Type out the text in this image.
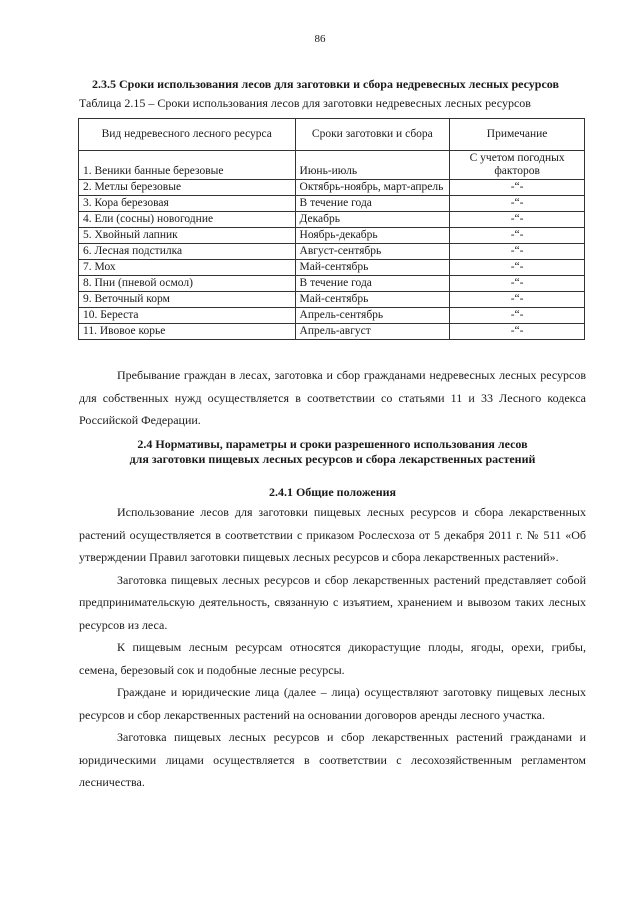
86
2.3.5 Сроки использования лесов для заготовки и сбора недревесных лесных ресурсов
Таблица 2.15 – Сроки использования лесов для заготовки недревесных лесных ресурсов
Вид недревесного лесного ресурса	Сроки заготовки и сбора	Примечание
1. Веники банные березовые	Июнь-июль	С учетом погодных факторов
2. Метлы березовые	Октябрь-ноябрь, март-апрель	-“-
3. Кора березовая	В течение года	-“-
4. Ели (сосны) новогодние	Декабрь	-“-
5. Хвойный лапник	Ноябрь-декабрь	-“-
6. Лесная подстилка	Август-сентябрь	-“-
7. Мох	Май-сентябрь	-“-
8. Пни (пневой осмол)	В течение года	-“-
9. Веточный корм	Май-сентябрь	-“-
10. Береста	Апрель-сентябрь	-“-
11. Ивовое корье	Апрель-август	-“-

Пребывание граждан в лесах, заготовка и сбор гражданами недревесных лесных ресурсов для собственных нужд осуществляется в соответствии со статьями 11 и 33 Лесного кодекса Российской Федерации.

2.4 Нормативы, параметры и сроки разрешенного использования лесов
для заготовки пищевых лесных ресурсов и сбора лекарственных растений
2.4.1 Общие положения

Использование лесов для заготовки пищевых лесных ресурсов и сбора лекарственных растений осуществляется в соответствии с приказом Рослесхоза от 5 декабря 2011 г. № 511 «Об утверждении Правил заготовки пищевых лесных ресурсов и сбора лекарственных растений».

Заготовка пищевых лесных ресурсов и сбор лекарственных растений представляет собой предпринимательскую деятельность, связанную с изъятием, хранением и вывозом таких лесных ресурсов из леса.

К пищевым лесным ресурсам относятся дикорастущие плоды, ягоды, орехи, грибы, семена, березовый сок и подобные лесные ресурсы.

Граждане и юридические лица (далее – лица) осуществляют заготовку пищевых лесных ресурсов и сбор лекарственных растений на основании договоров аренды лесного участка.

Заготовка пищевых лесных ресурсов и сбор лекарственных растений гражданами и юридическими лицами осуществляется в соответствии с лесохозяйственным регламентом лесничества.
